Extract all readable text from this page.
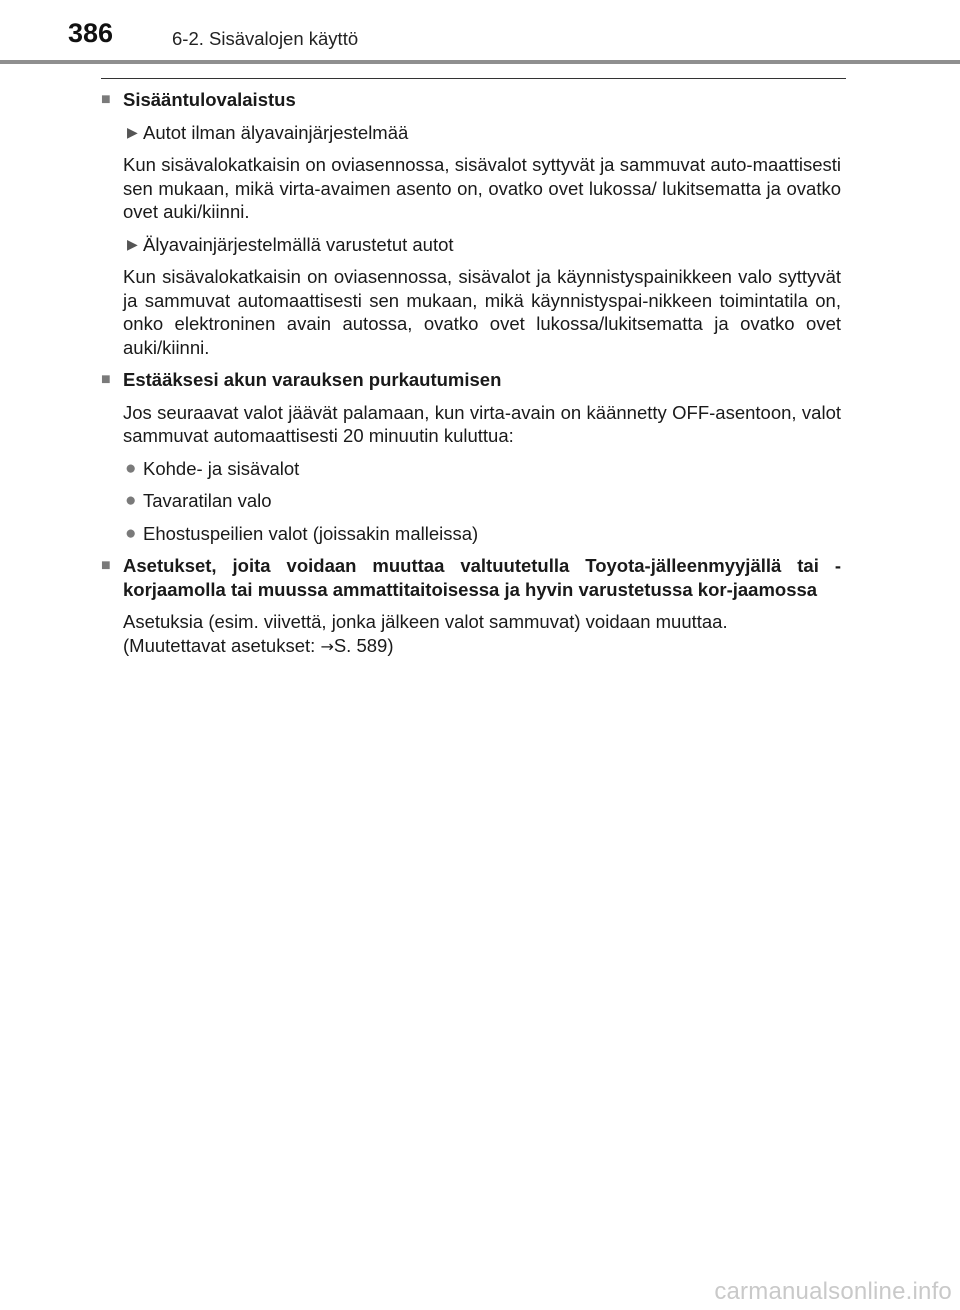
386	6-2. Sisävalojen käyttö
■ Sisääntulovalaistus
▶ Autot ilman älyavainjärjestelmää
Kun sisävalokatkaisin on oviasennossa, sisävalot syttyvät ja sammuvat auto-maattisesti sen mukaan, mikä virta-avaimen asento on, ovatko ovet lukossa/ lukitsematta ja ovatko ovet auki/kiinni.
▶ Älyavainjärjestelmällä varustetut autot
Kun sisävalokatkaisin on oviasennossa, sisävalot ja käynnistyspainikkeen valo syttyvät ja sammuvat automaattisesti sen mukaan, mikä käynnistyspai-nikkeen toimintatila on, onko elektroninen avain autossa, ovatko ovet lukossa/lukitsematta ja ovatko ovet auki/kiinni.
■ Estääksesi akun varauksen purkautumisen
Jos seuraavat valot jäävät palamaan, kun virta-avain on käännetty OFF-asentoon, valot sammuvat automaattisesti 20 minuutin kuluttua:
● Kohde- ja sisävalot
● Tavaratilan valo
● Ehostuspeilien valot (joissakin malleissa)
■ Asetukset, joita voidaan muuttaa valtuutetulla Toyota-jälleenmyyjällä tai -korjaamolla tai muussa ammattitaitoisessa ja hyvin varustetussa kor-jaamossa
Asetuksia (esim. viivettä, jonka jälkeen valot sammuvat) voidaan muuttaa.
(Muutettavat asetukset: →S. 589)
carmanualsonline.info
